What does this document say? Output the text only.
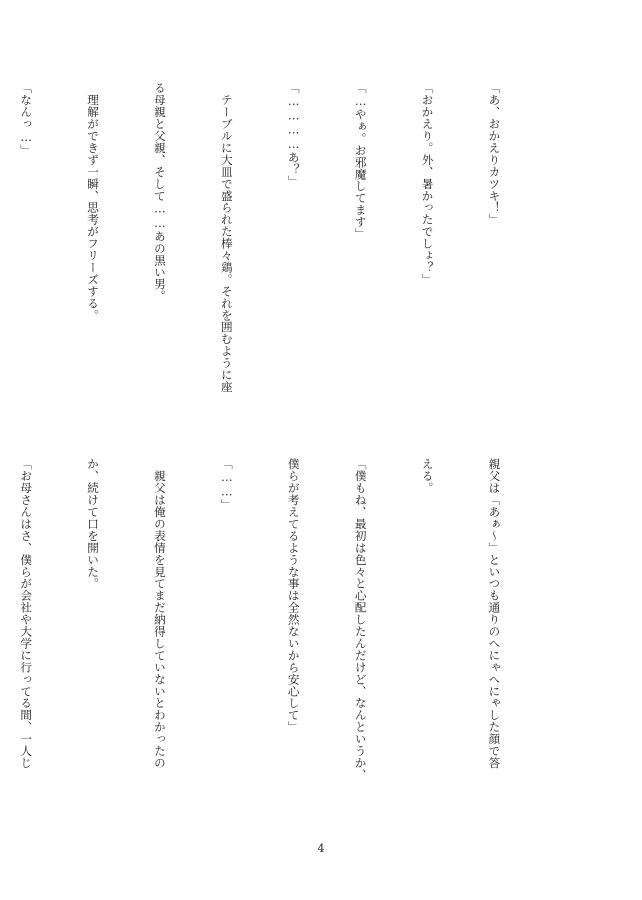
「あ、おかえりカツキ！」

「おかえり。外、暑かったでしょ？」

「…やぁ。お邪魔してます」

「…………あ？」

　テーブルに大皿で盛られた棒々鶏。それを囲むように座

る母親と父親、そして……あの黒い男。

　理解ができず一瞬、思考がフリーズする。

「なんっ…」

親父は「あぁ〜」といつも通りのへにゃへにゃした顔で答

える。

「僕もね、最初は色々と心配したんだけど、なんというか、

僕らが考えてるような事は全然ないから安心して」

「……」

　親父は俺の表情を見てまだ納得していないとわかったの

か、続けて口を開いた。

「お母さんはさ、僕らが会社や大学に行ってる間、一人じ

4
